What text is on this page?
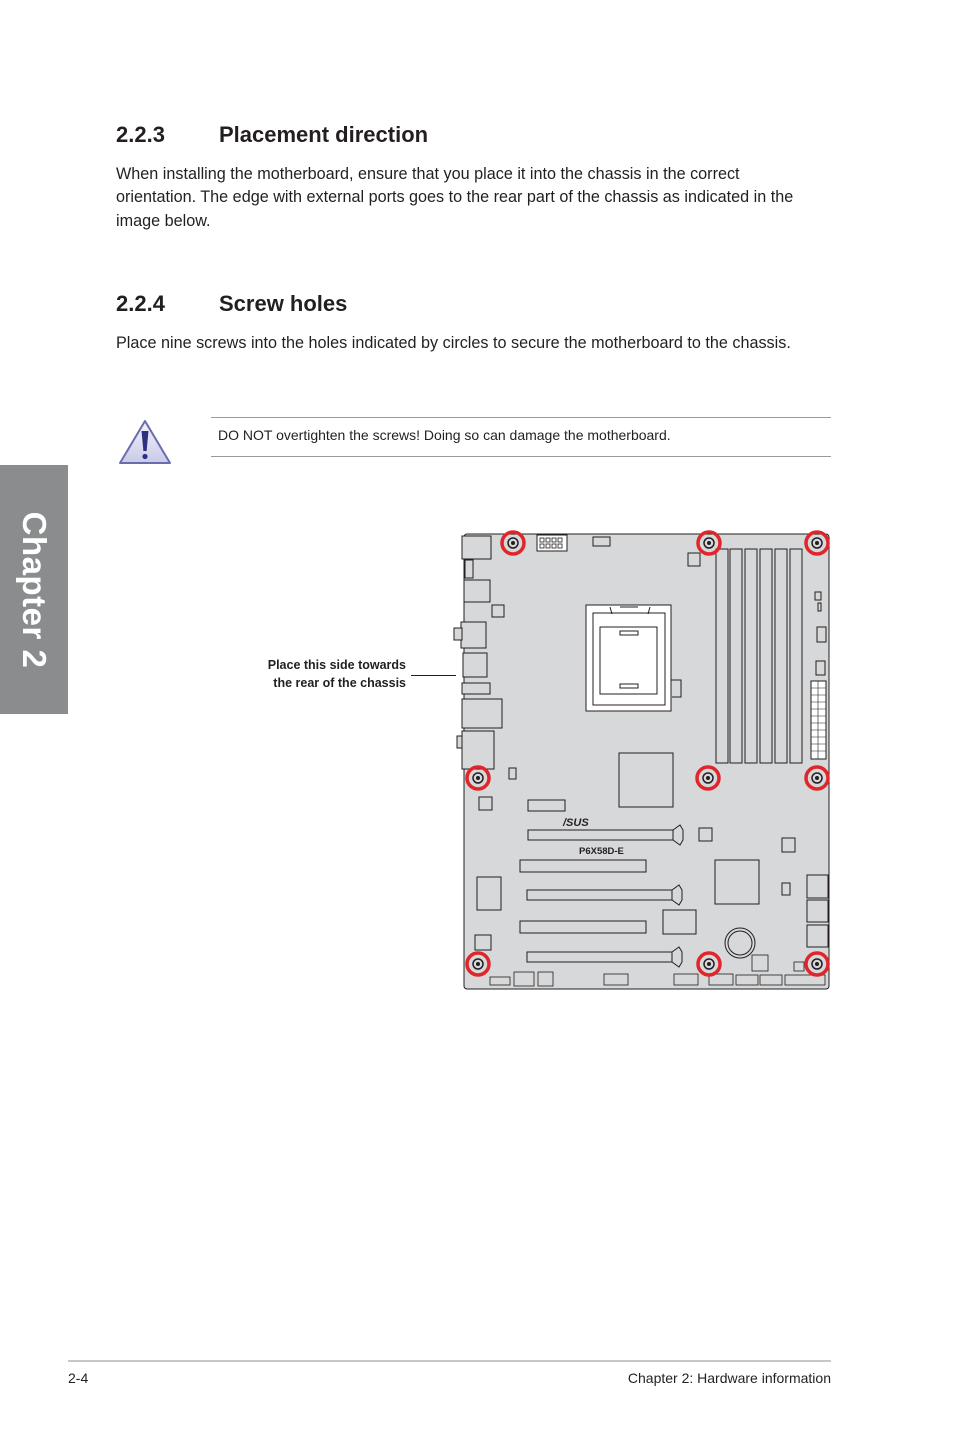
Chapter 2
2.2.3 Placement direction
When installing the motherboard, ensure that you place it into the chassis in the correct orientation. The edge with external ports goes to the rear part of the chassis as indicated in the image below.
2.2.4 Screw holes
Place nine screws into the holes indicated by circles to secure the motherboard to the chassis.
DO NOT overtighten the screws! Doing so can damage the motherboard.
Place this side towards
the rear of the chassis
/SUS
P6X58D-E
2-4	Chapter 2: Hardware information
